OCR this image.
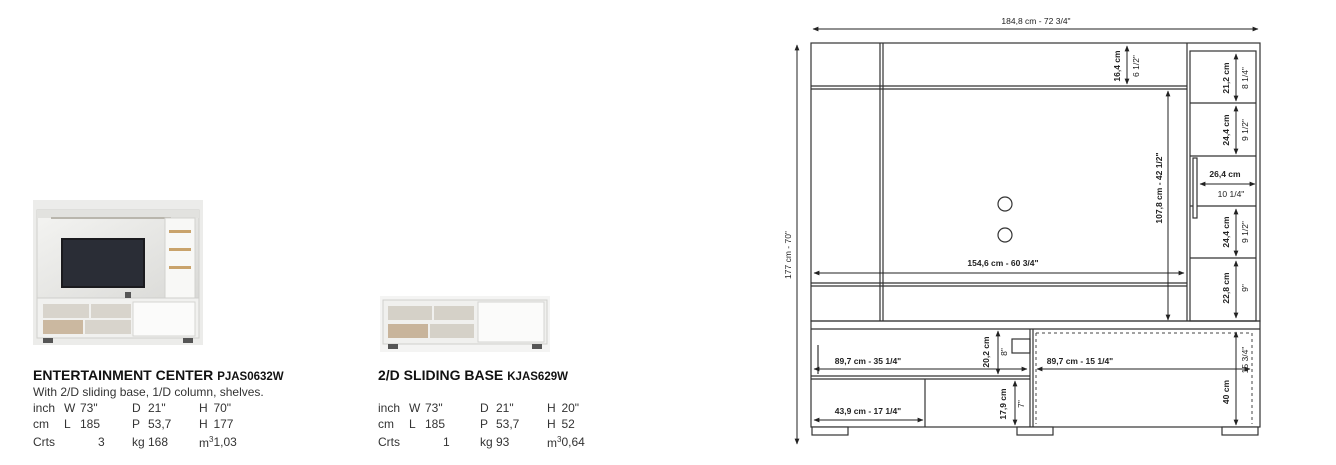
ENTERTAINMENT CENTER PJAS0632W
With 2/D sliding base, 1/D column, shelves.
inch	W	73"	D	21"	H	70"
cm	L	185	P	53,7	H	177
Crts		3	kg	168	$m^3$	1,03
2/D SLIDING BASE KJAS629W
inch	W	73"	D	21"	H	20"
cm	L	185	P	53,7	H	52
Crts		1	kg	93	$m^3$	0,64
184,8 cm - 72 3/4"
177 cm - 70"
16,4 cm 6 1/2"
107,8 cm - 42 1/2"
154,6 cm - 60 3/4"
21,2 cm 8 1/4"
24,4 cm 9 1/2"
26,4 cm
10 1/4"
24,4 cm 9 1/2"
22,8 cm 9"
89,7 cm - 35 1/4"	89,7 cm - 15 1/4"
20,2 cm 8"
17,9 cm 7"
43,9 cm - 17 1/4"
40 cm
15 3/4"
